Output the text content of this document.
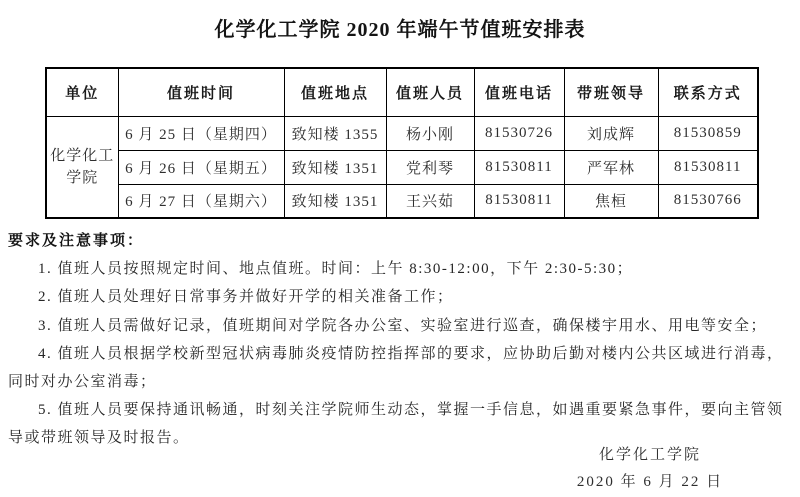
化学化工学院 2020 年端午节值班安排表
单位	值班时间	值班地点	值班人员	值班电话	带班领导	联系方式
化学化工学院	6 月 25 日（星期四）	致知楼 1355	杨小刚	81530726	刘成辉	81530859
	6 月 26 日（星期五）	致知楼 1351	党利琴	81530811	严军林	81530811
	6 月 27 日（星期六）	致知楼 1351	王兴茹	81530811	焦桓	81530766
要求及注意事项：

1. 值班人员按照规定时间、地点值班。时间：上午 8:30-12:00，下午 2:30-5:30；

2. 值班人员处理好日常事务并做好开学的相关准备工作；

3. 值班人员需做好记录，值班期间对学院各办公室、实验室进行巡查，确保楼宇用水、用电等安全；

4. 值班人员根据学校新型冠状病毒肺炎疫情防控指挥部的要求，应协助后勤对楼内公共区域进行消毒，同时对办公室消毒；

5. 值班人员要保持通讯畅通，时刻关注学院师生动态，掌握一手信息，如遇重要紧急事件，要向主管领导或带班领导及时报告。

化学化工学院
2020 年 6 月 22 日
